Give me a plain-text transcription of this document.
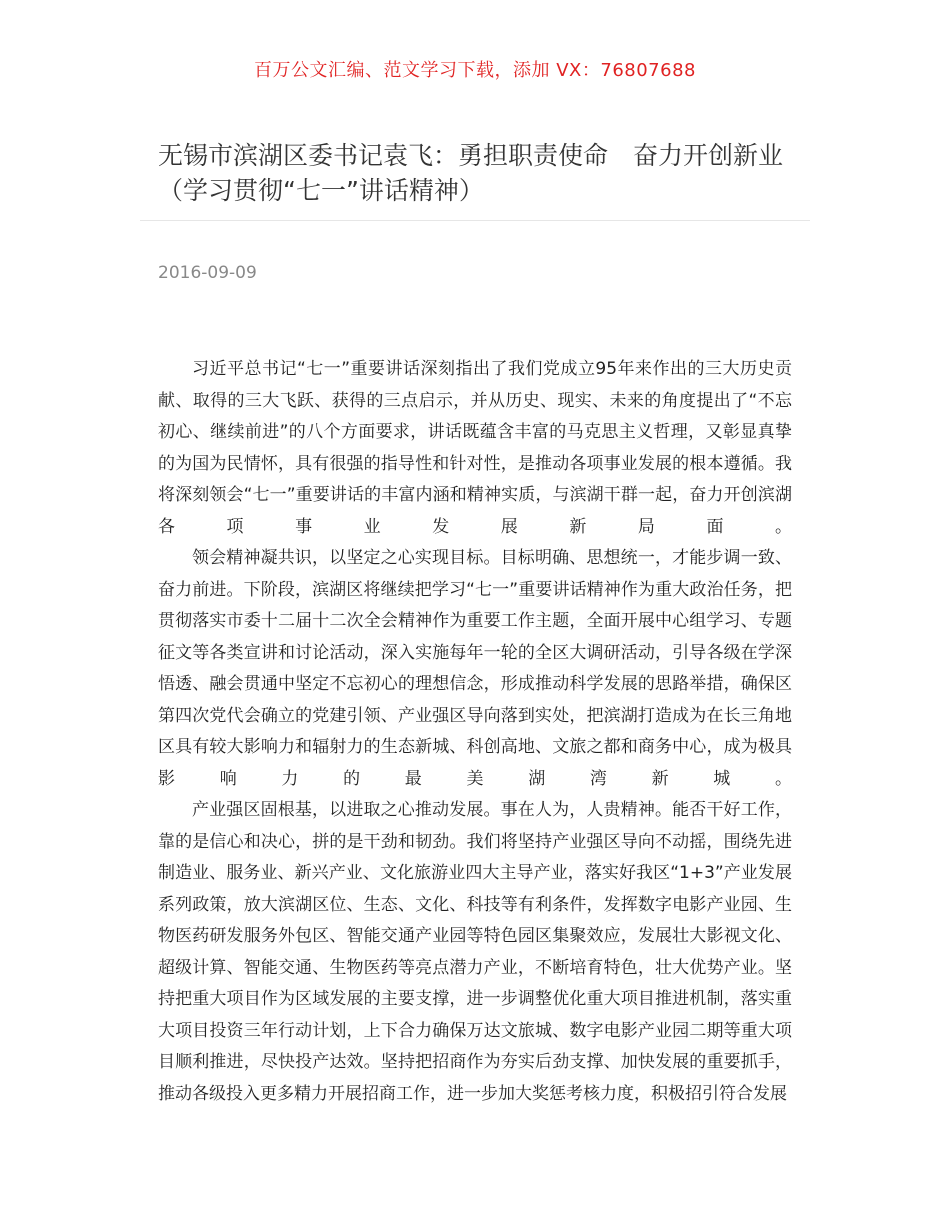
百万公文汇编、范文学习下载，添加 VX：76807688
无锡市滨湖区委书记袁飞：勇担职责使命　奋力开创新业（学习贯彻“七一”讲话精神）
2016-09-09

习近平总书记“七一”重要讲话深刻指出了我们党成立95年来作出的三大历史贡献、取得的三大飞跃、获得的三点启示，并从历史、现实、未来的角度提出了“不忘初心、继续前进”的八个方面要求，讲话既蕴含丰富的马克思主义哲理，又彰显真挚的为国为民情怀，具有很强的指导性和针对性，是推动各项事业发展的根本遵循。我将深刻领会“七一”重要讲话的丰富内涵和精神实质，与滨湖干群一起，奋力开创滨湖各项事业发展新局面。

领会精神凝共识，以坚定之心实现目标。目标明确、思想统一，才能步调一致、奋力前进。下阶段，滨湖区将继续把学习“七一”重要讲话精神作为重大政治任务，把贯彻落实市委十二届十二次全会精神作为重要工作主题，全面开展中心组学习、专题征文等各类宣讲和讨论活动，深入实施每年一轮的全区大调研活动，引导各级在学深悟透、融会贯通中坚定不忘初心的理想信念，形成推动科学发展的思路举措，确保区第四次党代会确立的党建引领、产业强区导向落到实处，把滨湖打造成为在长三角地区具有较大影响力和辐射力的生态新城、科创高地、文旅之都和商务中心，成为极具影响力的最美湖湾新城。

产业强区固根基，以进取之心推动发展。事在人为，人贵精神。能否干好工作，靠的是信心和决心，拼的是干劲和韧劲。我们将坚持产业强区导向不动摇，围绕先进制造业、服务业、新兴产业、文化旅游业四大主导产业，落实好我区“1+3”产业发展系列政策，放大滨湖区位、生态、文化、科技等有利条件，发挥数字电影产业园、生物医药研发服务外包区、智能交通产业园等特色园区集聚效应，发展壮大影视文化、超级计算、智能交通、生物医药等亮点潜力产业，不断培育特色，壮大优势产业。坚持把重大项目作为区域发展的主要支撑，进一步调整优化重大项目推进机制，落实重大项目投资三年行动计划，上下合力确保万达文旅城、数字电影产业园二期等重大项目顺利推进，尽快投产达效。坚持把招商作为夯实后劲支撑、加快发展的重要抓手，推动各级投入更多精力开展招商工作，进一步加大奖惩考核力度，积极招引符合发展
